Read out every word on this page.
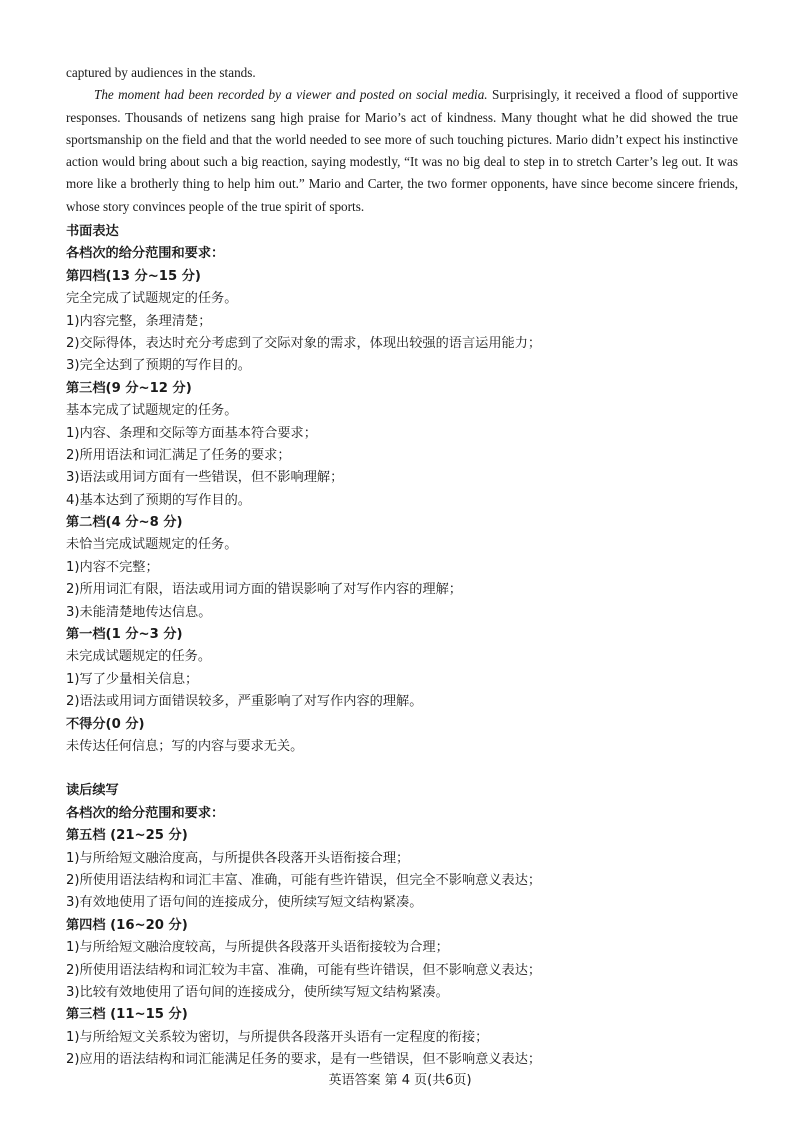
captured by audiences in the stands.

The moment had been recorded by a viewer and posted on social media. Surprisingly, it received a flood of supportive responses. Thousands of netizens sang high praise for Mario’s act of kindness. Many thought what he did showed the true sportsmanship on the field and that the world needed to see more of such touching pictures. Mario didn’t expect his instinctive action would bring about such a big reaction, saying modestly, “It was no big deal to step in to stretch Carter’s leg out. It was more like a brotherly thing to help him out.” Mario and Carter, the two former opponents, have since become sincere friends, whose story convinces people of the true spirit of sports.

书面表达
各档次的给分范围和要求：
第四档(13 分~15 分)
完全完成了试题规定的任务。
1)内容完整，条理清楚；
2)交际得体，表达时充分考虑到了交际对象的需求，体现出较强的语言运用能力；
3)完全达到了预期的写作目的。
第三档(9 分~12 分)
基本完成了试题规定的任务。
1)内容、条理和交际等方面基本符合要求；
2)所用语法和词汇满足了任务的要求；
3)语法或用词方面有一些错误，但不影响理解；
4)基本达到了预期的写作目的。
第二档(4 分~8 分)
未恰当完成试题规定的任务。
1)内容不完整；
2)所用词汇有限，语法或用词方面的错误影响了对写作内容的理解；
3)未能清楚地传达信息。
第一档(1 分~3 分)
未完成试题规定的任务。
1)写了少量相关信息；
2)语法或用词方面错误较多，严重影响了对写作内容的理解。
不得分(0 分)
未传达任何信息；写的内容与要求无关。
读后续写
各档次的给分范围和要求：
第五档 (21~25 分)
1)与所给短文融洽度高，与所提供各段落开头语衔接合理；
2)所使用语法结构和词汇丰富、准确，可能有些许错误，但完全不影响意义表达；
3)有效地使用了语句间的连接成分，使所续写短文结构紧凑。
第四档 (16~20 分)
1)与所给短文融洽度较高，与所提供各段落开头语衔接较为合理；
2)所使用语法结构和词汇较为丰富、准确，可能有些许错误，但不影响意义表达；
3)比较有效地使用了语句间的连接成分，使所续写短文结构紧凑。
第三档 (11~15 分)
1)与所给短文关系较为密切，与所提供各段落开头语有一定程度的衔接；
2)应用的语法结构和词汇能满足任务的要求，是有一些错误，但不影响意义表达；
英语答案 第 4 页(共6页)
